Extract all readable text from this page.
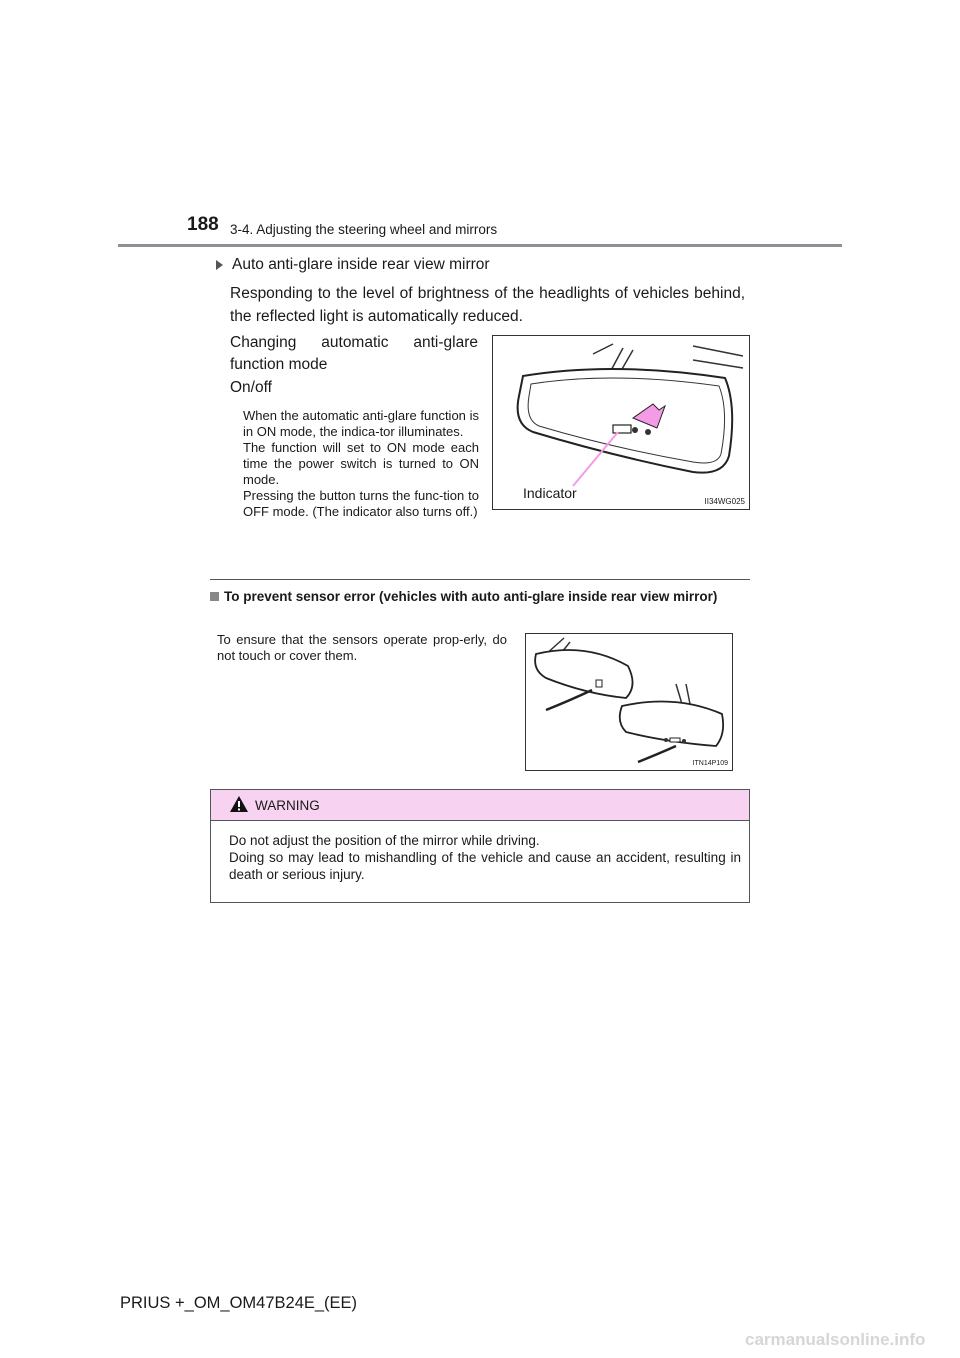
188 3-4. Adjusting the steering wheel and mirrors
Auto anti-glare inside rear view mirror
Responding to the level of brightness of the headlights of vehicles behind, the reflected light is automatically reduced.
Changing automatic anti-glare function mode
On/off
When the automatic anti-glare function is in ON mode, the indica-tor illuminates.
The function will set to ON mode each time the power switch is turned to ON mode.
Pressing the button turns the func-tion to OFF mode. (The indicator also turns off.)
Indicator
II34WG025
To prevent sensor error (vehicles with auto anti-glare inside rear view mirror)
To ensure that the sensors operate prop-erly, do not touch or cover them.
ITN14P109
WARNING
Do not adjust the position of the mirror while driving.
Doing so may lead to mishandling of the vehicle and cause an accident, resulting in death or serious injury.
PRIUS +_OM_OM47B24E_(EE)
carmanualsonline.info
